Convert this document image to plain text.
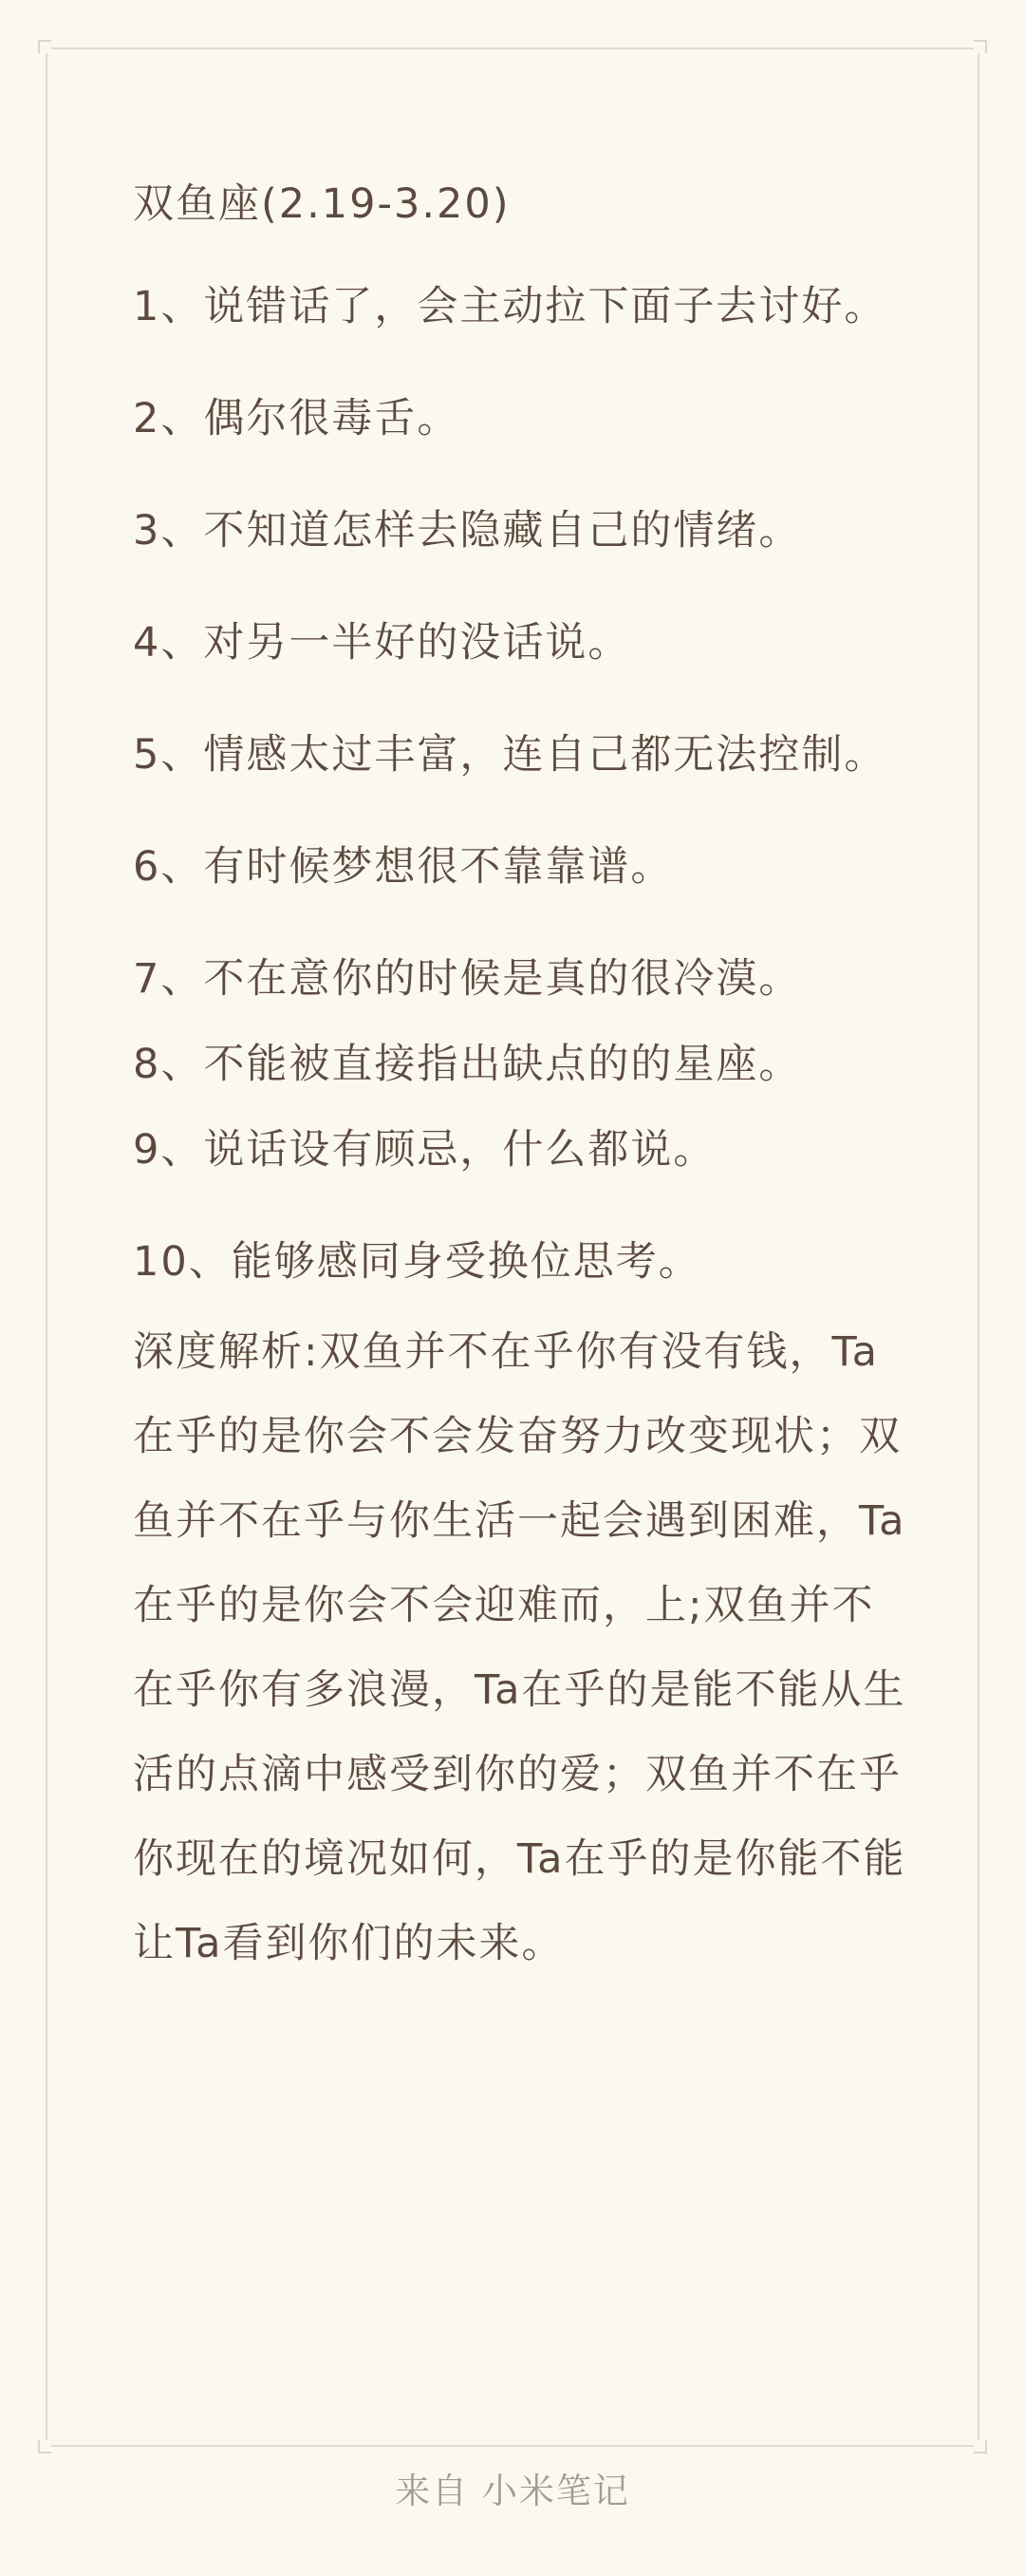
双鱼座(2.19-3.20)
1、说错话了，会主动拉下面子去讨好。
2、偶尔很毒舌。
3、不知道怎样去隐藏自己的情绪。
4、对另一半好的没话说。
5、情感太过丰富，连自己都无法控制。
6、有时候梦想很不靠靠谱。
7、不在意你的时候是真的很冷漠。
8、不能被直接指出缺点的的星座。
9、说话设有顾忌，什么都说。
10、能够感同身受换位思考。
深度解析:双鱼并不在乎你有没有钱，Ta在乎的是你会不会发奋努力改变现状；双鱼并不在乎与你生活一起会遇到困难，Ta 在乎的是你会不会迎难而，上;双鱼并不在乎你有多浪漫，Ta在乎的是能不能从生活的点滴中感受到你的爱；双鱼并不在乎你现在的境况如何，Ta在乎的是你能不能让Ta看到你们的未来。
来自 小米笔记
